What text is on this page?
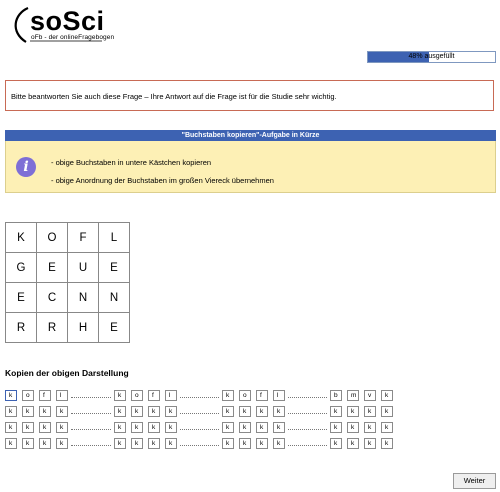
soSci
oFb - der onlineFragebogen
48% ausgefüllt
Bitte beantworten Sie auch diese Frage – Ihre Antwort auf die Frage ist für die Studie sehr wichtig.
"Buchstaben kopieren"-Aufgabe in Kürze
i	- obige Buchstaben in untere Kästchen kopieren
- obige Anordnung der Buchstaben im großen Viereck übernehmen
K	O	F	L
G	E	U	E
E	C	N	N
R	R	H	E
Kopien der obigen Darstellung
k	o	f	l	k	o	f	l	k	o	f	l	b	m	v	k
k	k	k	k	k	k	k	k	k	k	k	k	k	k	k	k
k	k	k	k	k	k	k	k	k	k	k	k	k	k	k	k
k	k	k	k	k	k	k	k	k	k	k	k	k	k	k	k
Weiter
